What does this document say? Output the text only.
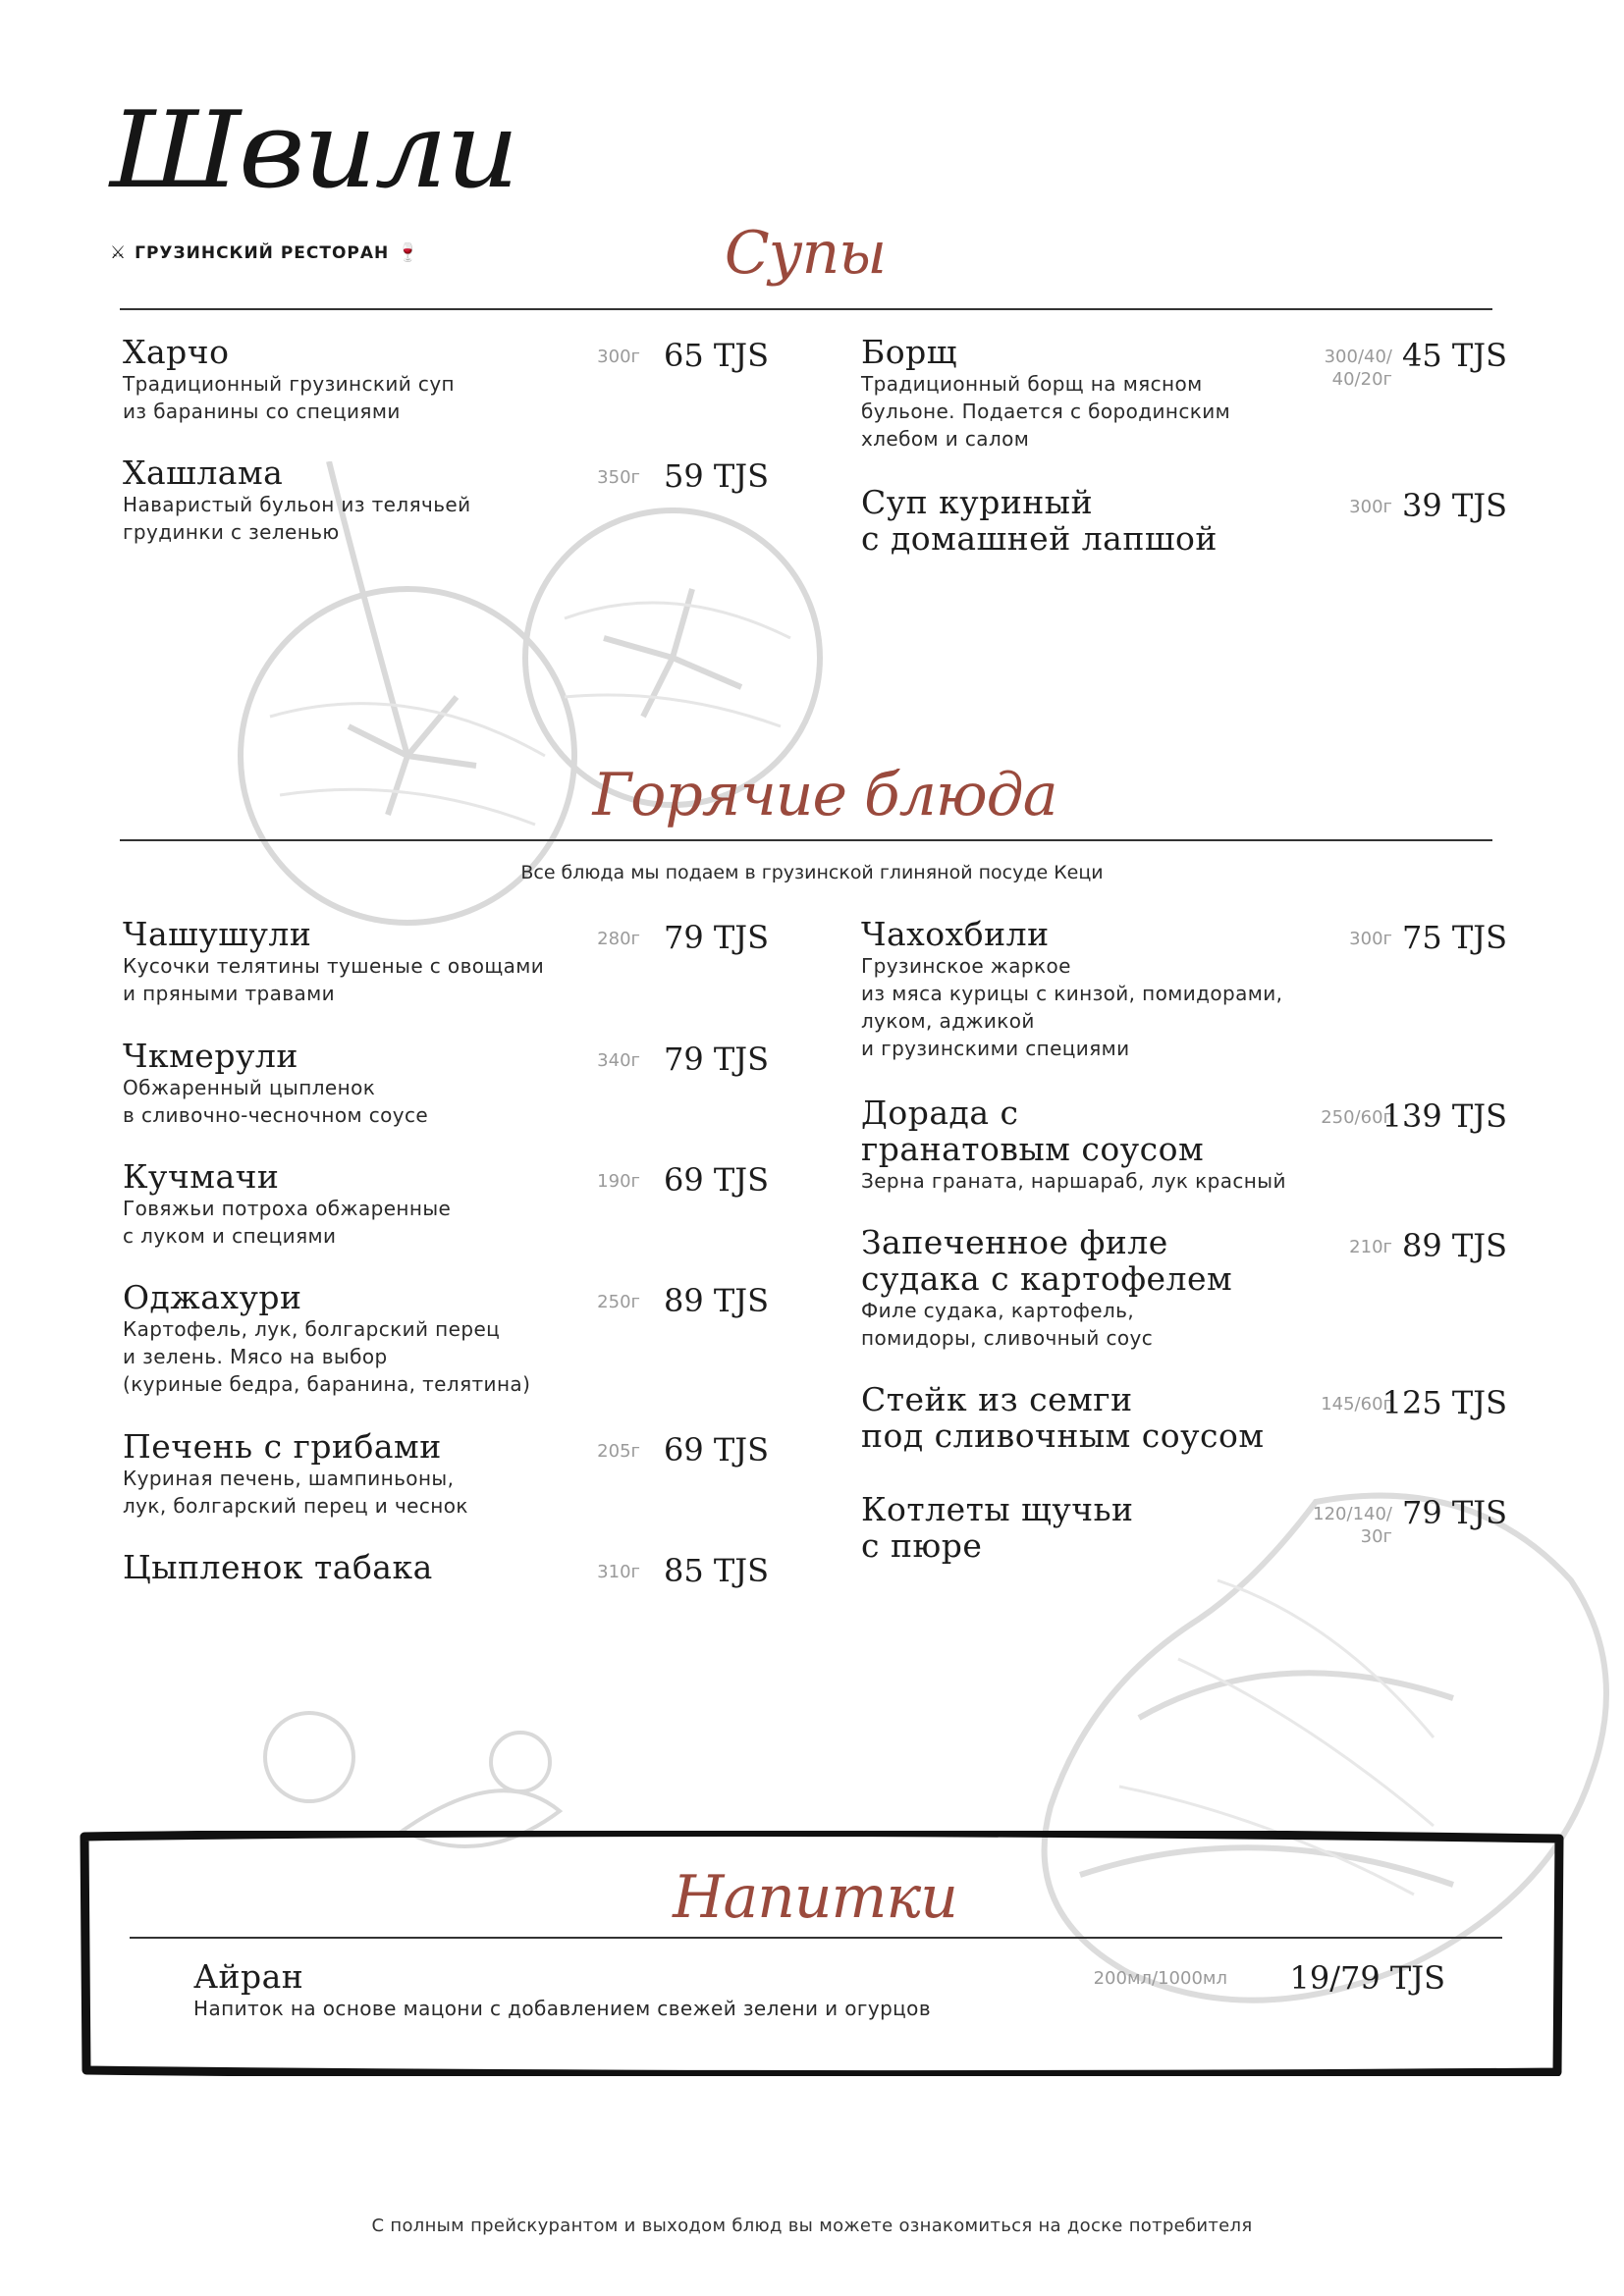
Швили
⚔ ГРУЗИНСКИЙ РЕСТОРАН 🍷	Супы
Харчо
Традиционный грузинский суп
из баранины со специями
300г 65 TJS
Хашлама
Наваристый бульон из телячьей
грудинки с зеленью
350г 59 TJS
Борщ
Традиционный борщ на мясном
бульоне. Подается с бородинским
хлебом и салом
300/40/
40/20г
45 TJS
Суп куриный
с домашней лапшой
300г 39 TJS
Горячие блюда
Все блюда мы подаем в грузинской глиняной посуде Кеци
Чашушули
Кусочки телятины тушеные с овощами
и пряными травами
280г 79 TJS
Чкмерули
Обжаренный цыпленок
в сливочно-чесночном соусе
340г 79 TJS
Кучмачи
Говяжьи потроха обжаренные
с луком и специями
190г 69 TJS
Оджахури
Картофель, лук, болгарский перец
и зелень. Мясо на выбор
(куриные бедра, баранина, телятина)
250г 89 TJS
Печень с грибами
Куриная печень, шампиньоны,
лук, болгарский перец и чеснок
205г 69 TJS
Цыпленок табака	310г 85 TJS
Чахохбили
Грузинское жаркое
из мяса курицы с кинзой, помидорами,
луком, аджикой
и грузинскими специями
300г 75 TJS
Дорада с
гранатовым соусом
Зерна граната, наршараб, лук красный
250/60г
139 TJS
Запеченное филе
судака с картофелем
Филе судака, картофель,
помидоры, сливочный соус
210г 89 TJS
Стейк из семги
под сливочным соусом
145/60г
125 TJS
Котлеты щучьи
с пюре
120/140/
30г
79 TJS
Напитки
Айран
Напиток на основе мацони с добавлением свежей зелени и огурцов
200мл/1000мл	19/79 TJS
С полным прейскурантом и выходом блюд вы можете ознакомиться на доске потребителя
